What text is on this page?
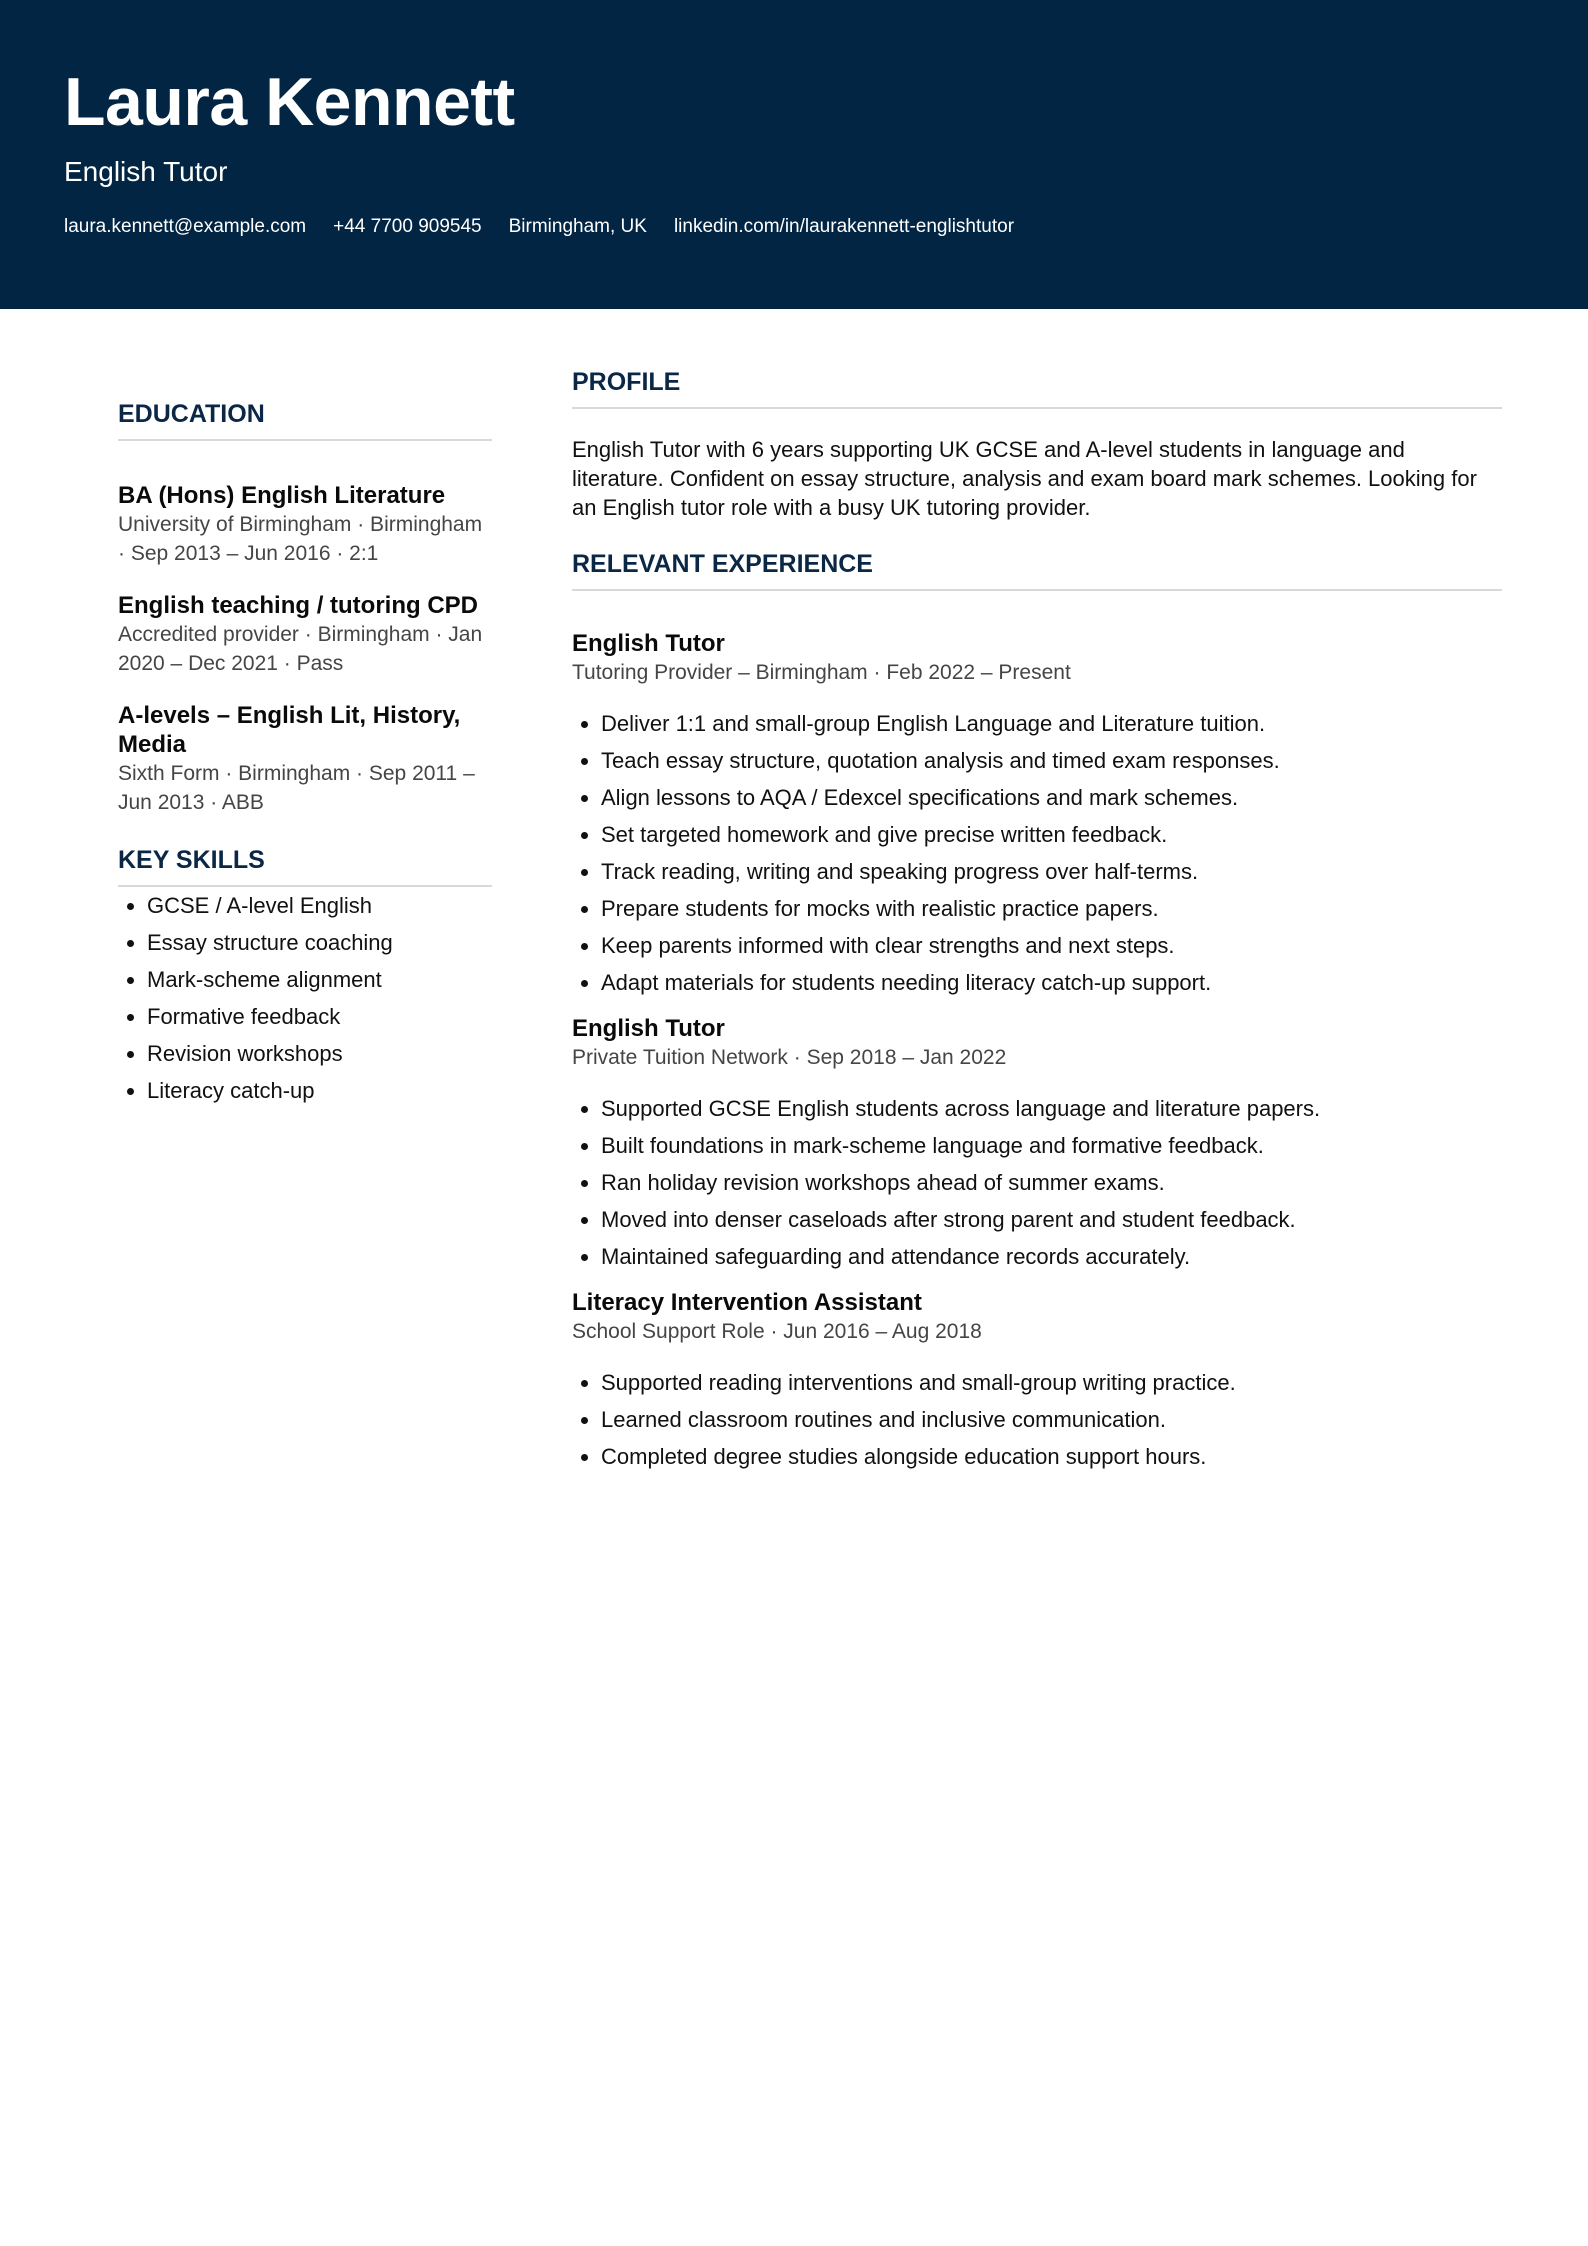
Laura Kennett
English Tutor
laura.kennett@example.com +44 7700 909545 Birmingham, UK linkedin.com/in/laurakennett-englishtutor
EDUCATION
BA (Hons) English Literature
University of Birmingham · Birmingham · Sep 2013 – Jun 2016 · 2:1
English teaching / tutoring CPD
Accredited provider · Birmingham · Jan 2020 – Dec 2021 · Pass
A-levels – English Lit, History, Media
Sixth Form · Birmingham · Sep 2011 – Jun 2013 · ABB
KEY SKILLS
• GCSE / A-level English
• Essay structure coaching
• Mark-scheme alignment
• Formative feedback
• Revision workshops
• Literacy catch-up
PROFILE

English Tutor with 6 years supporting UK GCSE and A-level students in language and literature. Confident on essay structure, analysis and exam board mark schemes. Looking for an English tutor role with a busy UK tutoring provider.

RELEVANT EXPERIENCE
English Tutor
Tutoring Provider – Birmingham · Feb 2022 – Present
• Deliver 1:1 and small-group English Language and Literature tuition.
• Teach essay structure, quotation analysis and timed exam responses.
• Align lessons to AQA / Edexcel specifications and mark schemes.
• Set targeted homework and give precise written feedback.
• Track reading, writing and speaking progress over half-terms.
• Prepare students for mocks with realistic practice papers.
• Keep parents informed with clear strengths and next steps.
• Adapt materials for students needing literacy catch-up support.
English Tutor
Private Tuition Network · Sep 2018 – Jan 2022
• Supported GCSE English students across language and literature papers.
• Built foundations in mark-scheme language and formative feedback.
• Ran holiday revision workshops ahead of summer exams.
• Moved into denser caseloads after strong parent and student feedback.
• Maintained safeguarding and attendance records accurately.
Literacy Intervention Assistant
School Support Role · Jun 2016 – Aug 2018
• Supported reading interventions and small-group writing practice.
• Learned classroom routines and inclusive communication.
• Completed degree studies alongside education support hours.
